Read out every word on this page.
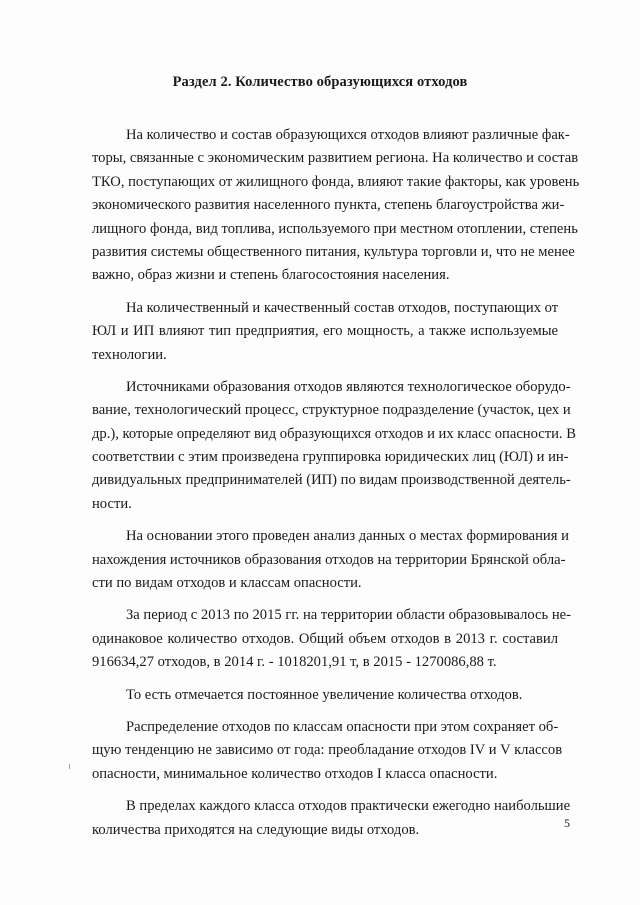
Раздел 2. Количество образующихся отходов
На количество и состав образующихся отходов влияют различные фак-
торы, связанные с экономическим развитием региона. На количество и состав
ТКО, поступающих от жилищного фонда, влияют такие факторы, как уровень
экономического развития населенного пункта, степень благоустройства жи-
лищного фонда, вид топлива, используемого при местном отоплении, степень
развития системы общественного питания, культура торговли и, что не менее
важно, образ жизни и степень благосостояния населения.
На количественный и качественный состав отходов, поступающих от
ЮЛ и ИП влияют тип предприятия, его мощность, а также используемые
технологии.
Источниками образования отходов являются технологическое оборудо-
вание, технологический процесс, структурное подразделение (участок, цех и
др.), которые определяют вид образующихся отходов и их класс опасности. В
соответствии с этим произведена группировка юридических лиц (ЮЛ) и ин-
дивидуальных предпринимателей (ИП) по видам производственной деятель-
ности.
На основании этого проведен анализ данных о местах формирования и
нахождения источников образования отходов на территории Брянской обла-
сти по видам отходов и классам опасности.
За период с 2013 по 2015 гг. на территории области образовывалось не-
одинаковое количество отходов. Общий объем отходов в 2013 г. составил
916634,27 отходов, в 2014 г. - 1018201,91 т, в 2015 - 1270086,88 т.
То есть отмечается постоянное увеличение количества отходов.
Распределение отходов по классам опасности при этом сохраняет об-
щую тенденцию не зависимо от года: преобладание отходов IV и V классов
опасности, минимальное количество отходов I класса опасности.
В пределах каждого класса отходов практически ежегодно наибольшие
количества приходятся на следующие виды отходов.	5
